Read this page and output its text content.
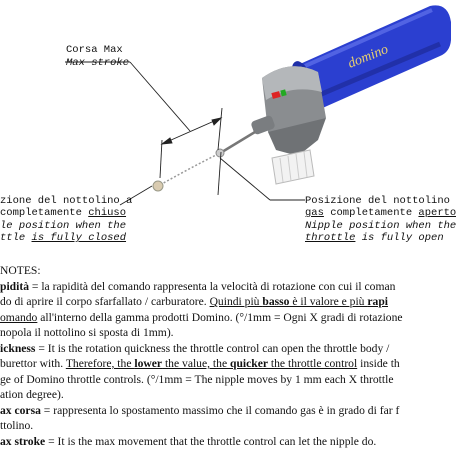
domino
Corsa Max
Max stroke
zione del nottolino a
completamente chiuso
le position when the
ttle is fully closed
Posizione del nottolino
gas completamente aperto
Nipple position when the
throttle is fully open
NOTES:
pidità = la rapidità del comando rappresenta la velocità di rotazione con cui il coman
do di aprire il corpo sfarfallato / carburatore. Quindi più basso è il valore e più rapi
omando all'interno della gamma prodotti Domino. (°/1mm = Ogni X gradi di rotazione
nopola il nottolino si sposta di 1mm).
ickness = It is the rotation quickness the throttle control can open the throttle body /
burettor with. Therefore, the lower the value, the quicker the throttle control inside th
ge of Domino throttle controls. (°/1mm = The nipple moves by 1 mm each X throttle
ation degree).
ax corsa = rappresenta lo spostamento massimo che il comando gas è in grado di far f
ttolino.
ax stroke = It is the max movement that the throttle control can let the nipple do.
